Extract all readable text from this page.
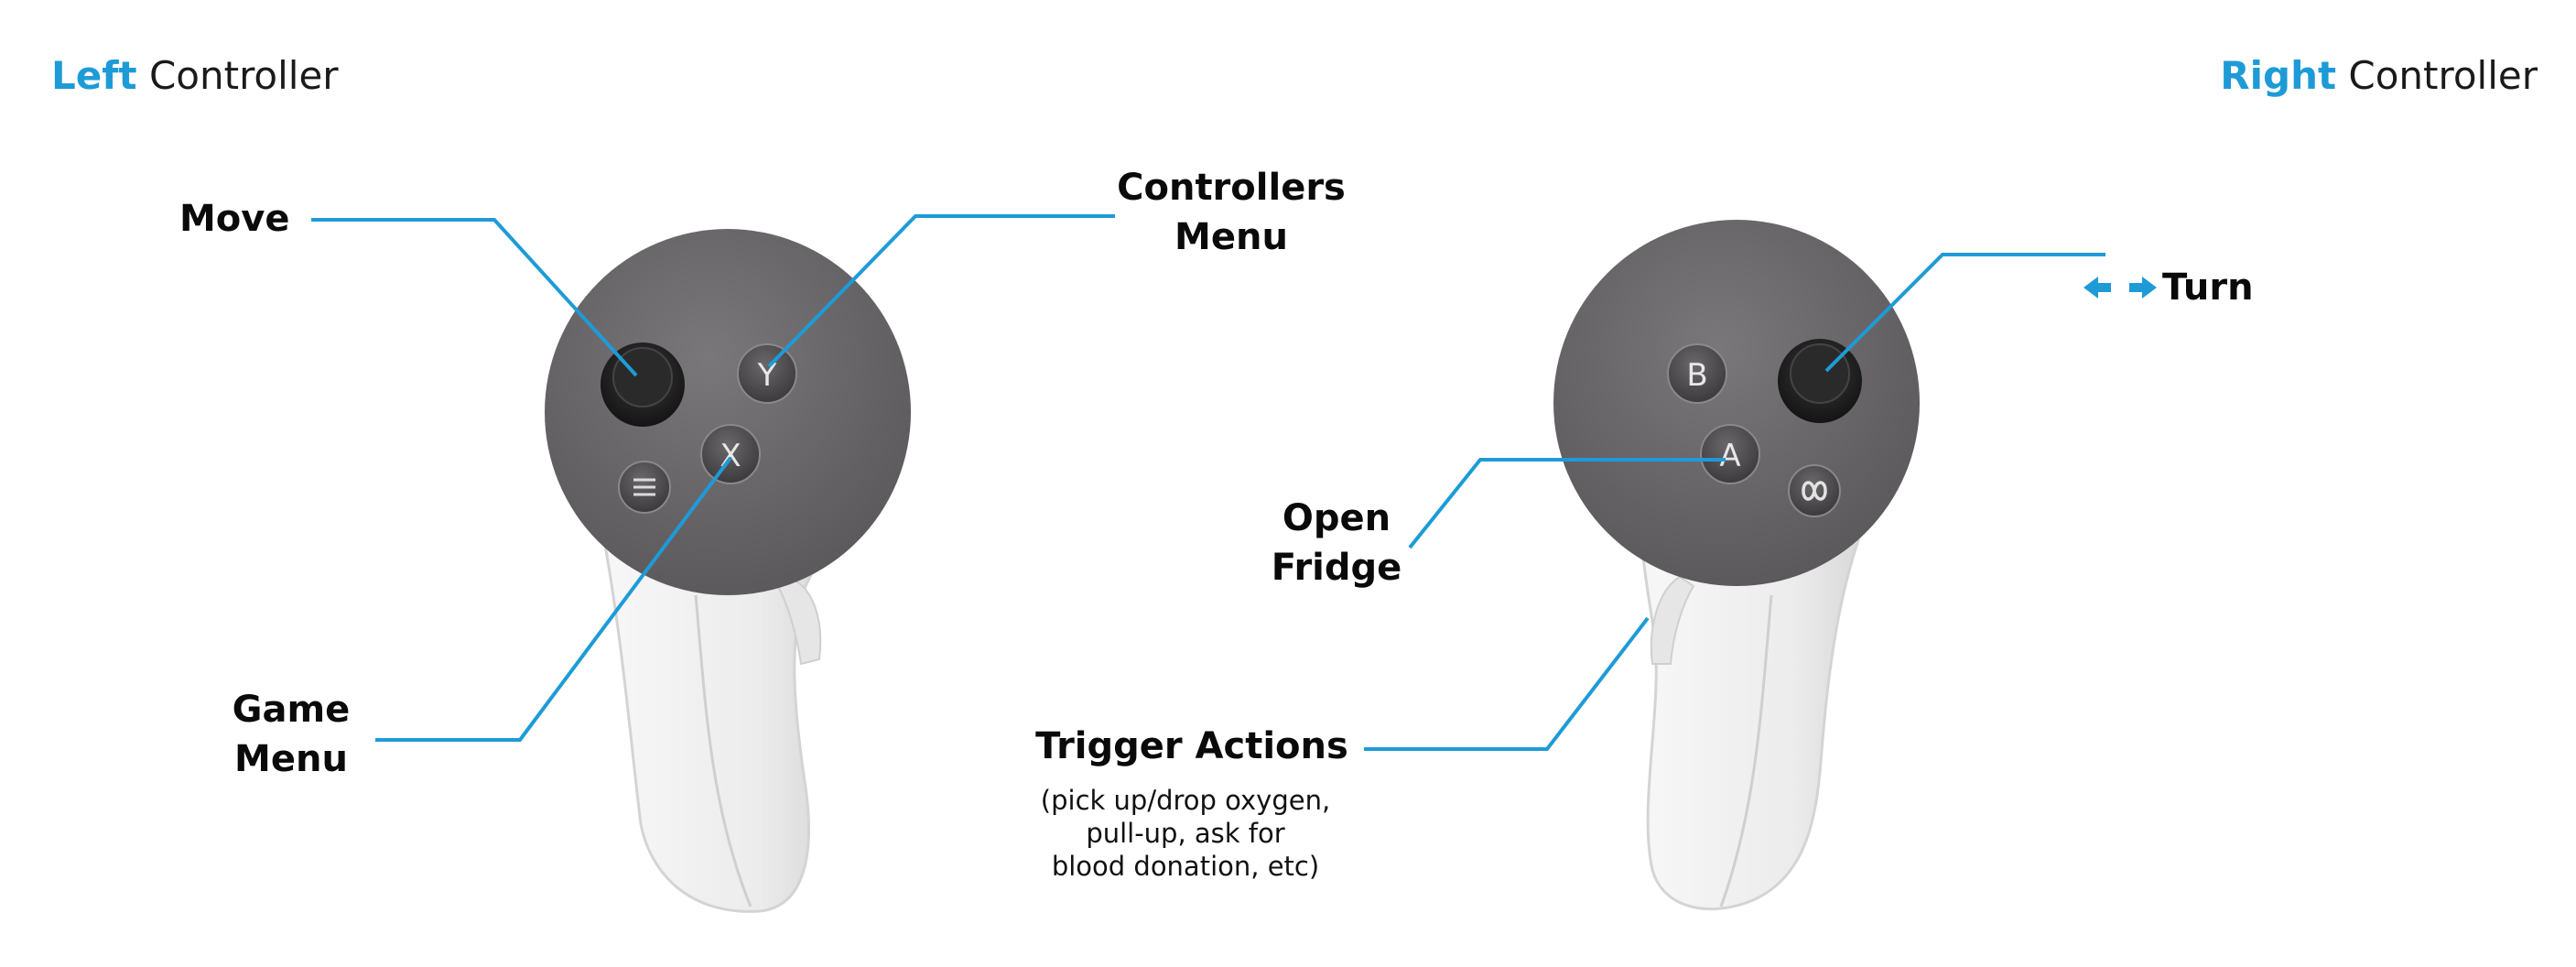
Left Controller	Right Controller
Y
X
B
A
Move
Controllers
Menu
Game
Menu
Turn
Open
Fridge
Trigger Actions
(pick up/drop oxygen,
pull-up, ask for
blood donation, etc)
